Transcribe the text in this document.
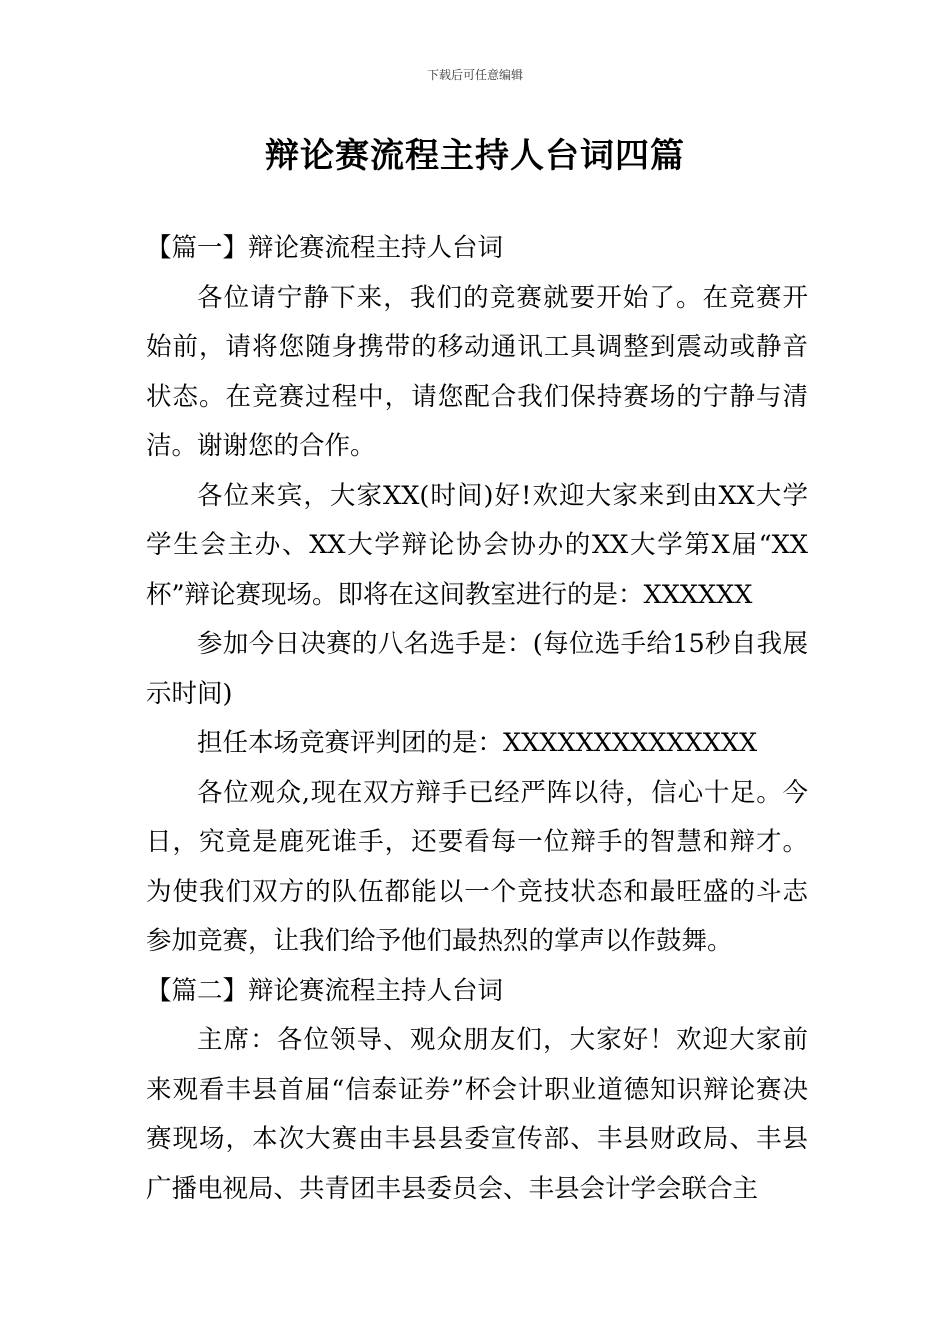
下载后可任意编辑
辩论赛流程主持人台词四篇

【篇一】辩论赛流程主持人台词

各位请宁静下来，我们的竞赛就要开始了。在竞赛开始前，请将您随身携带的移动通讯工具调整到震动或静音状态。在竞赛过程中，请您配合我们保持赛场的宁静与清洁。谢谢您的合作。

各位来宾，大家XX(时间)好!欢迎大家来到由XX大学学生会主办、XX大学辩论协会协办的XX大学第X届“XX杯”辩论赛现场。即将在这间教室进行的是：XXXXXX

参加今日决赛的八名选手是：(每位选手给15秒自我展示时间)

担任本场竞赛评判团的是：XXXXXXXXXXXXXX

各位观众,现在双方辩手已经严阵以待，信心十足。今日，究竟是鹿死谁手，还要看每一位辩手的智慧和辩才。为使我们双方的队伍都能以一个竞技状态和最旺盛的斗志参加竞赛，让我们给予他们最热烈的掌声以作鼓舞。

【篇二】辩论赛流程主持人台词

主席：各位领导、观众朋友们，大家好！欢迎大家前来观看丰县首届“信泰证券”杯会计职业道德知识辩论赛决赛现场，本次大赛由丰县县委宣传部、丰县财政局、丰县广播电视局、共青团丰县委员会、丰县会计学会联合主
